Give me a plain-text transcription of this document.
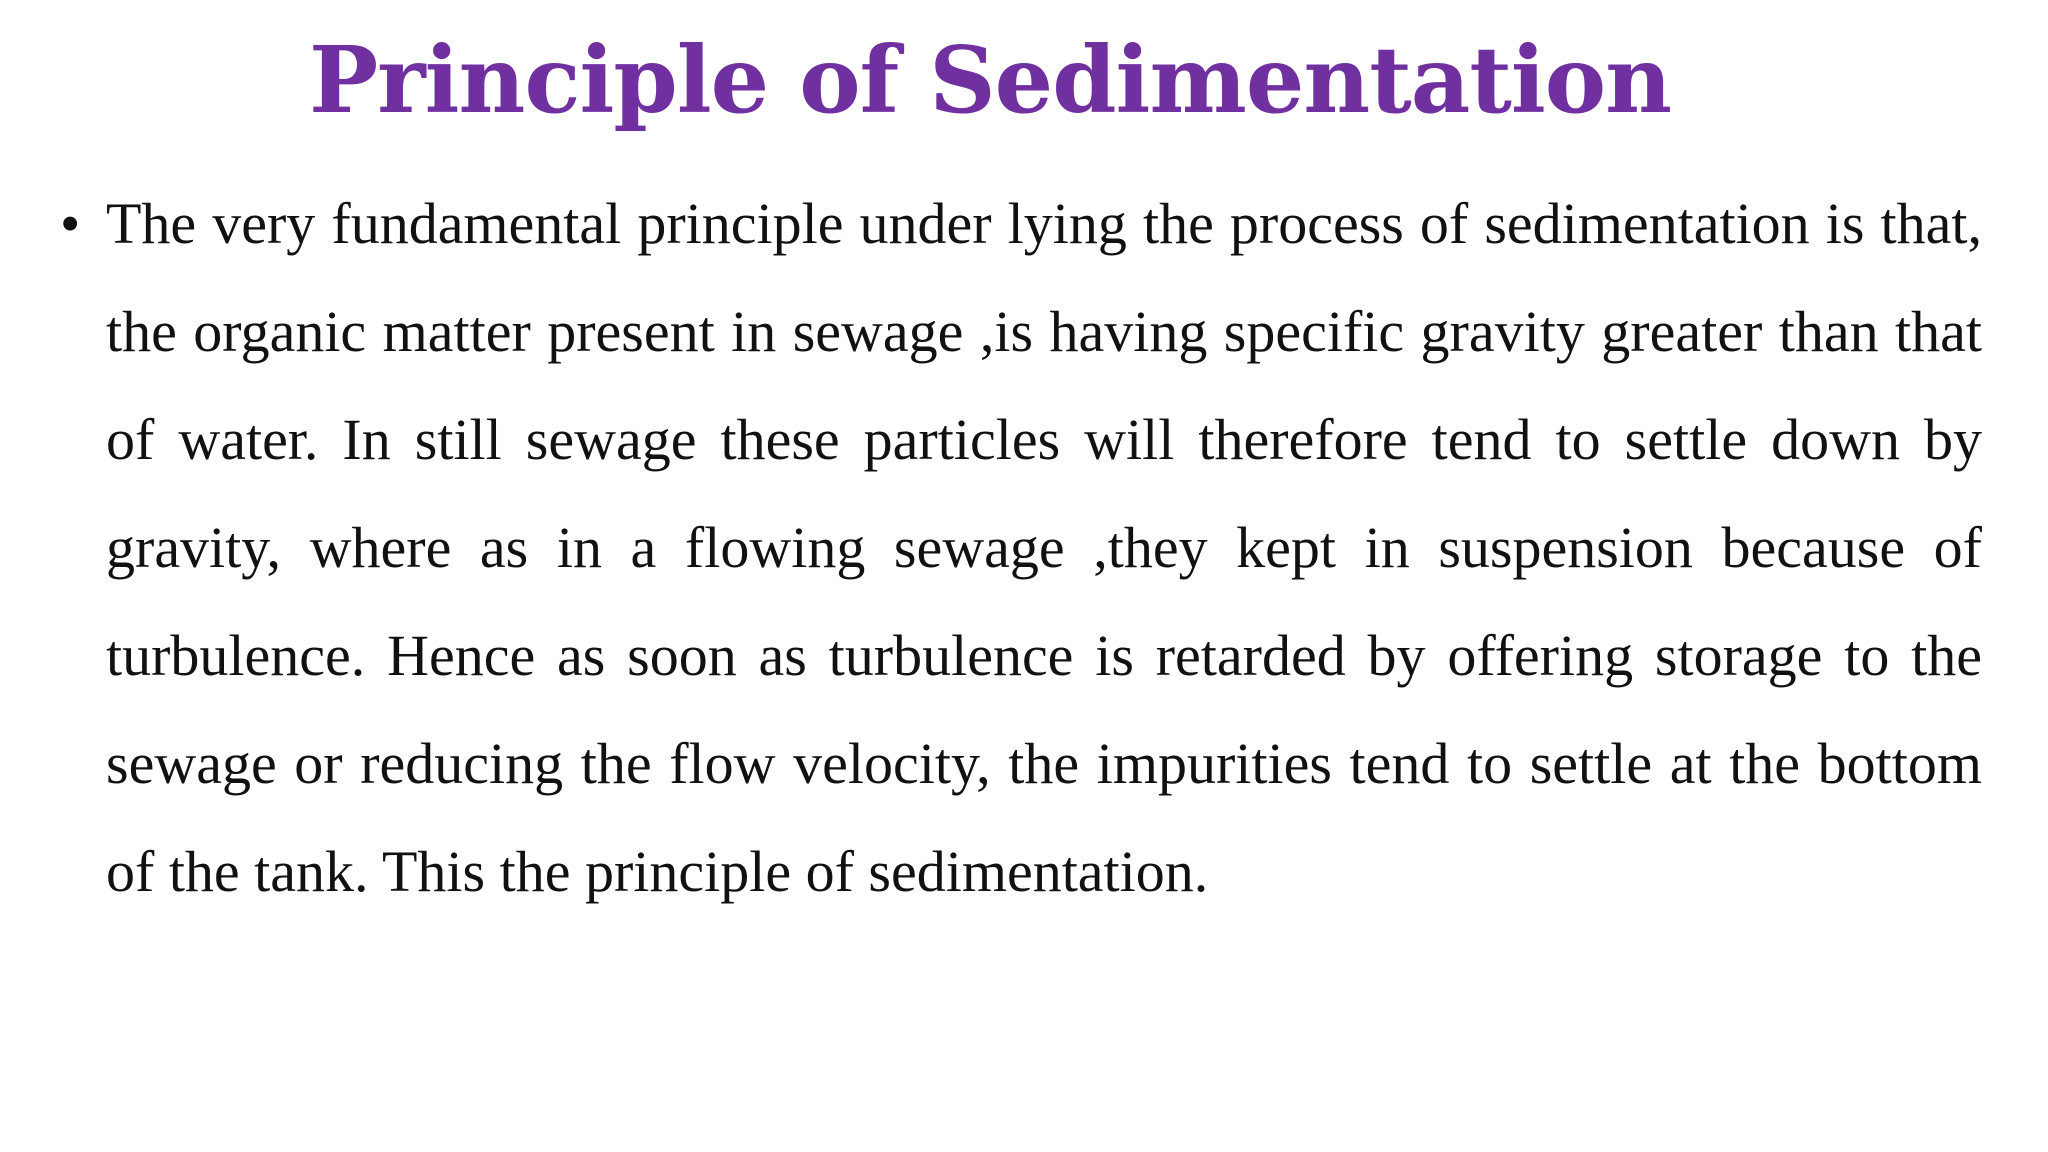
Principle of Sedimentation
• The very fundamental principle under lying the process of sedimentation is that, the organic matter present in sewage ,is having specific gravity greater than that of water. In still sewage these particles will therefore tend to settle down by gravity, where as in a flowing sewage ,they kept in suspension because of turbulence. Hence as soon as turbulence is retarded by offering storage to the sewage or reducing the flow velocity, the impurities tend to settle at the bottom of the tank. This the principle of sedimentation.
